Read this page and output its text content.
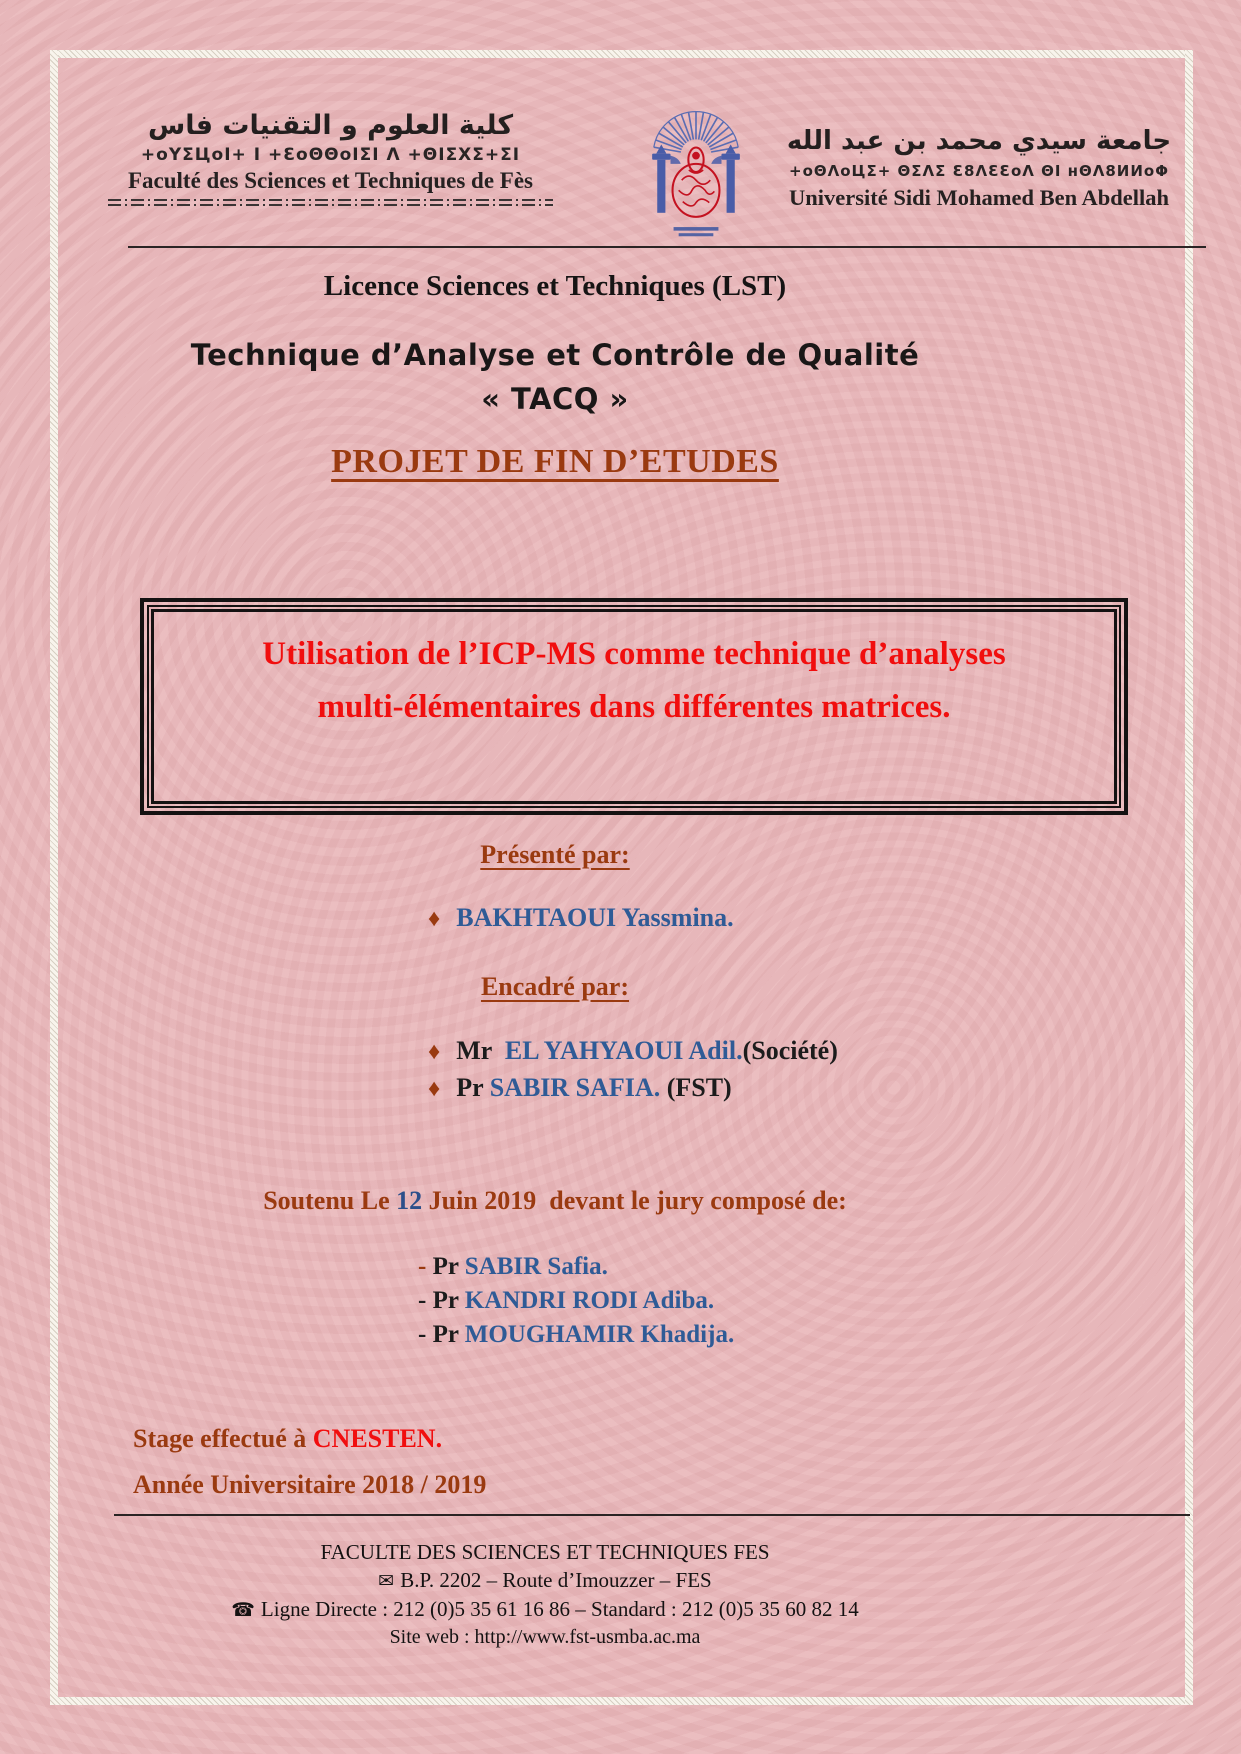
كلية العلوم و التقنيات فاس
+oYΣЦoI+ I +ƐoΘΘoIΣI Λ +ΘIΣXΣ+ΣI
Faculté des Sciences et Techniques de Fès
جامعة سيدي محمد بن عبد الله
+oΘΛoЦΣ+ ΘΣΛΣ Ɛ8ΛƐƐoΛ ΘI ʜΘΛ8ИИoΦ
Université Sidi Mohamed Ben Abdellah
Licence Sciences et Techniques (LST)
Technique d’Analyse et Contrôle de Qualité
« TACQ »
PROJET DE FIN D’ETUDES
Utilisation de l’ICP-MS comme technique d’analyses
multi-élémentaires dans différentes matrices.
Présenté par:
♦ BAKHTAOUI Yassmina.
Encadré par:
♦ Mr  EL YAHYAOUI Adil.(Société)
♦ Pr SABIR SAFIA. (FST)
Soutenu Le 12 Juin 2019  devant le jury composé de:
- Pr SABIR Safia.
- Pr KANDRI RODI Adiba.
- Pr MOUGHAMIR Khadija.
Stage effectué à CNESTEN.
Année Universitaire 2018 / 2019
FACULTE DES SCIENCES ET TECHNIQUES FES
✉ B.P. 2202 – Route d’Imouzzer – FES
☎ Ligne Directe : 212 (0)5 35 61 16 86 – Standard : 212 (0)5 35 60 82 14
Site web : http://www.fst-usmba.ac.ma
